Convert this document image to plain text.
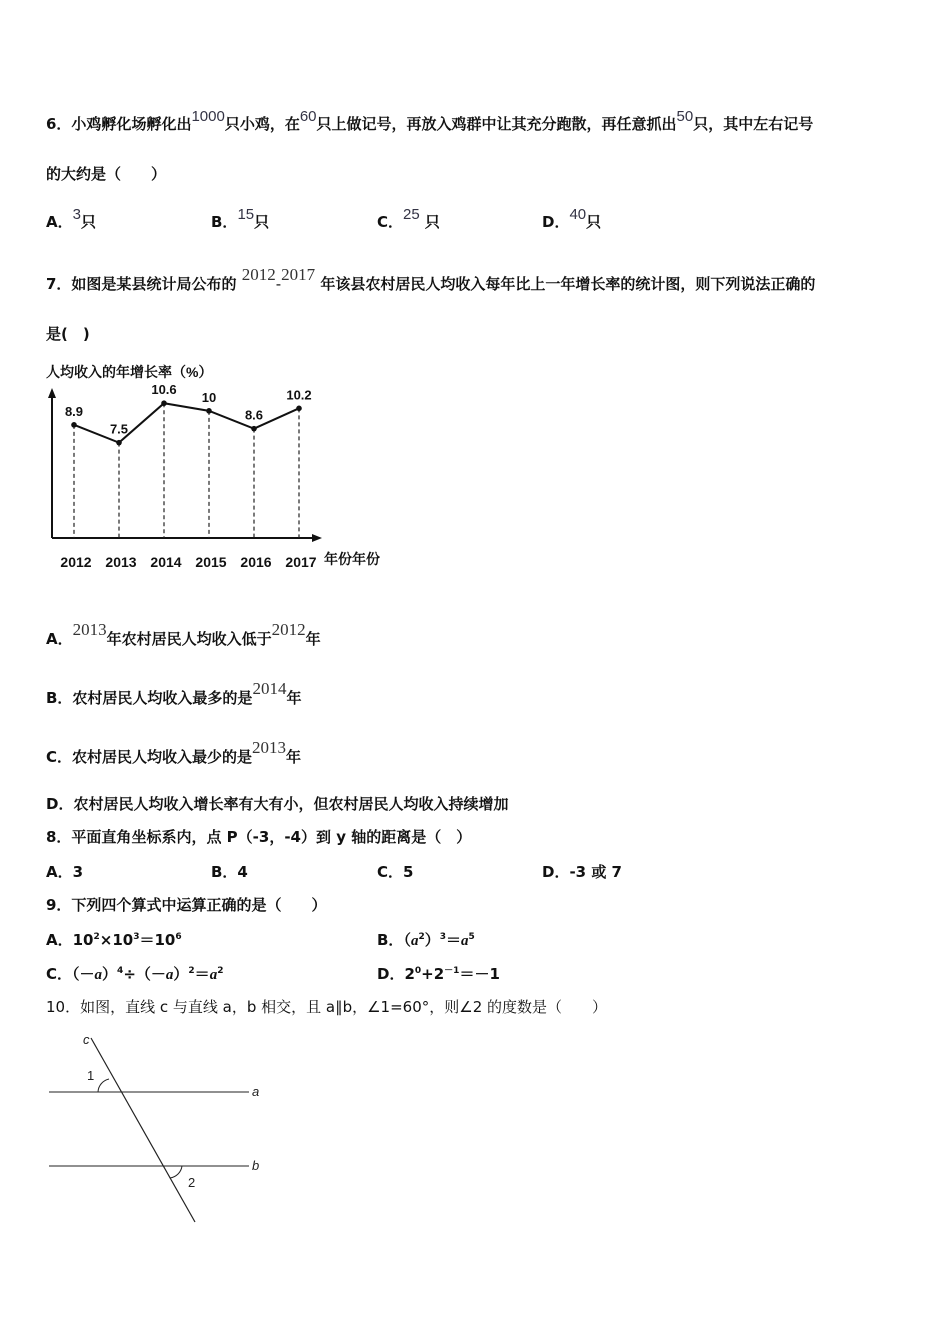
6．小鸡孵化场孵化出1000只小鸡，在60只上做记号，再放入鸡群中让其充分跑散，再任意抓出50只，其中左右记号
的大约是（　　）
A．3只	B．15只	C．25 只	D．40只
7．如图是某县统计局公布的 2012-2017 年该县农村居民人均收入每年比上一年增长率的统计图，则下列说法正确的
是(　)
人均收入的年增长率（%）
年份年份
8.9
2012
7.5
2013
10.6
2014
10
2015
8.6
2016
10.2
2017
A．2013年农村居民人均收入低于2012年
B．农村居民人均收入最多的是2014年
C．农村居民人均收入最少的是2013年
D．农村居民人均收入增长率有大有小，但农村居民人均收入持续增加
8．平面直角坐标系内，点 P（-3，-4）到 y 轴的距离是（　）
A．3	B．4	C．5	D．-3 或 7
9．下列四个算式中运算正确的是（　　）
A．$10^2\times 10^3=10^6$	B．$(a^2)^3=a^5$
C．$(-a)^4\div(-a)^2=a^2$	D．$2^0+2^{-1}=-1$
10．如图，直线 c 与直线 a，b 相交，且 a∥b，∠1=60°，则∠2 的度数是（　　）
c
a
b
1
2
